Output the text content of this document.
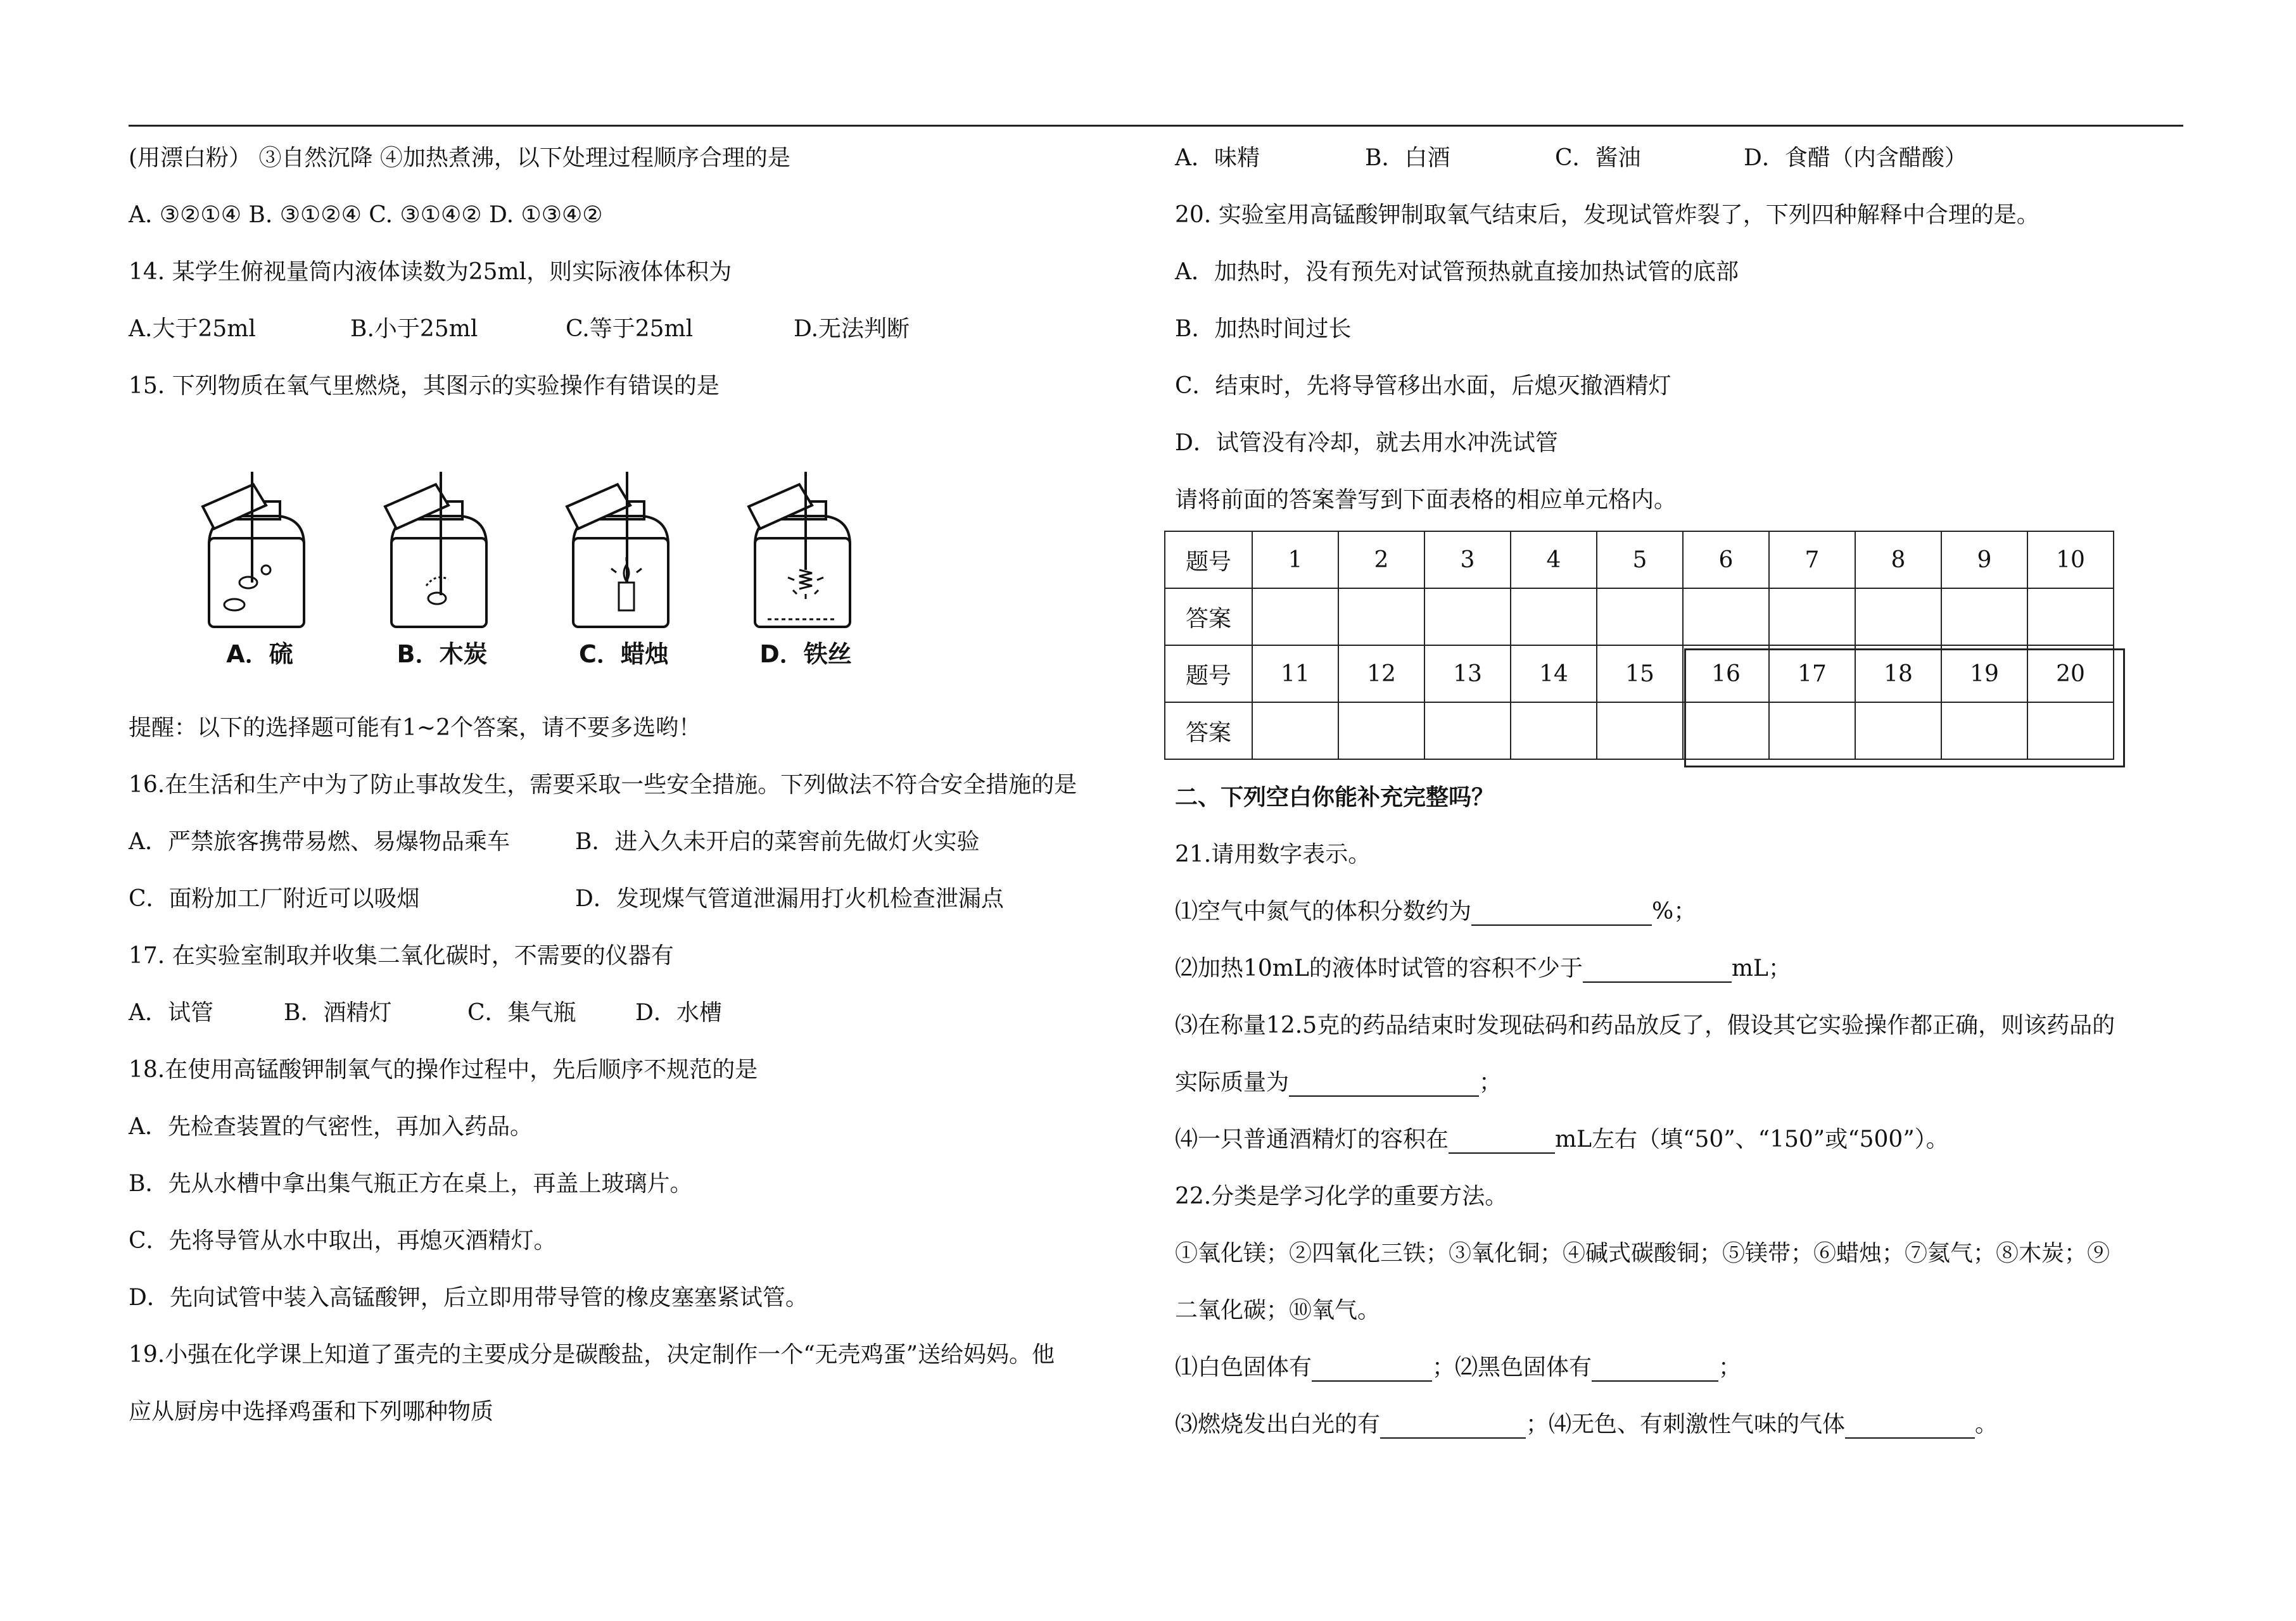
(用漂白粉） ③自然沉降 ④加热煮沸，以下处理过程顺序合理的是
A. ③②①④ B. ③①②④ C. ③①④② D. ①③④②
14. 某学生俯视量筒内液体读数为25ml，则实际液体体积为
A.大于25ml	B.小于25ml	C.等于25ml	D.无法判断
15. 下列物质在氧气里燃烧，其图示的实验操作有错误的是
提醒：以下的选择题可能有1~2个答案，请不要多选哟！
16.在生活和生产中为了防止事故发生，需要采取一些安全措施。下列做法不符合安全措施的是
A．严禁旅客携带易燃、易爆物品乘车	B．进入久未开启的菜窖前先做灯火实验
C．面粉加工厂附近可以吸烟	D．发现煤气管道泄漏用打火机检查泄漏点
17. 在实验室制取并收集二氧化碳时，不需要的仪器有
A．试管	B．酒精灯	C．集气瓶	D．水槽
18.在使用高锰酸钾制氧气的操作过程中，先后顺序不规范的是
A．先检查装置的气密性，再加入药品。
B．先从水槽中拿出集气瓶正方在桌上，再盖上玻璃片。
C．先将导管从水中取出，再熄灭酒精灯。
D．先向试管中装入高锰酸钾，后立即用带导管的橡皮塞塞紧试管。
19.小强在化学课上知道了蛋壳的主要成分是碳酸盐，决定制作一个“无壳鸡蛋”送给妈妈。他
应从厨房中选择鸡蛋和下列哪种物质
A．硫	B．木炭	C．蜡烛	D．铁丝
A．味精	B．白酒	C．酱油	D．食醋（内含醋酸）
20. 实验室用高锰酸钾制取氧气结束后，发现试管炸裂了，下列四种解释中合理的是。
A．加热时，没有预先对试管预热就直接加热试管的底部
B．加热时间过长
C．结束时，先将导管移出水面，后熄灭撤酒精灯
D．试管没有冷却，就去用水冲洗试管
请将前面的答案誊写到下面表格的相应单元格内。
二、下列空白你能补充完整吗？
21.请用数字表示。
⑴空气中氮气的体积分数约为	%；
⑵加热10mL的液体时试管的容积不少于	mL；
⑶在称量12.5克的药品结束时发现砝码和药品放反了，假设其它实验操作都正确，则该药品的
实际质量为	；
⑷一只普通酒精灯的容积在	mL左右（填“50”、“150”或“500”）。
22.分类是学习化学的重要方法。
①氧化镁；②四氧化三铁；③氧化铜；④碱式碳酸铜；⑤镁带；⑥蜡烛；⑦氦气；⑧木炭；⑨
二氧化碳；⑩氧气。
⑴白色固体有	；⑵黑色固体有	；
⑶燃烧发出白光的有	；⑷无色、有刺激性气味的气体	。
题号	1	2	3	4	5	6	7	8	9	10
答案										
题号	11	12	13	14	15	16	17	18	19	20
答案										
